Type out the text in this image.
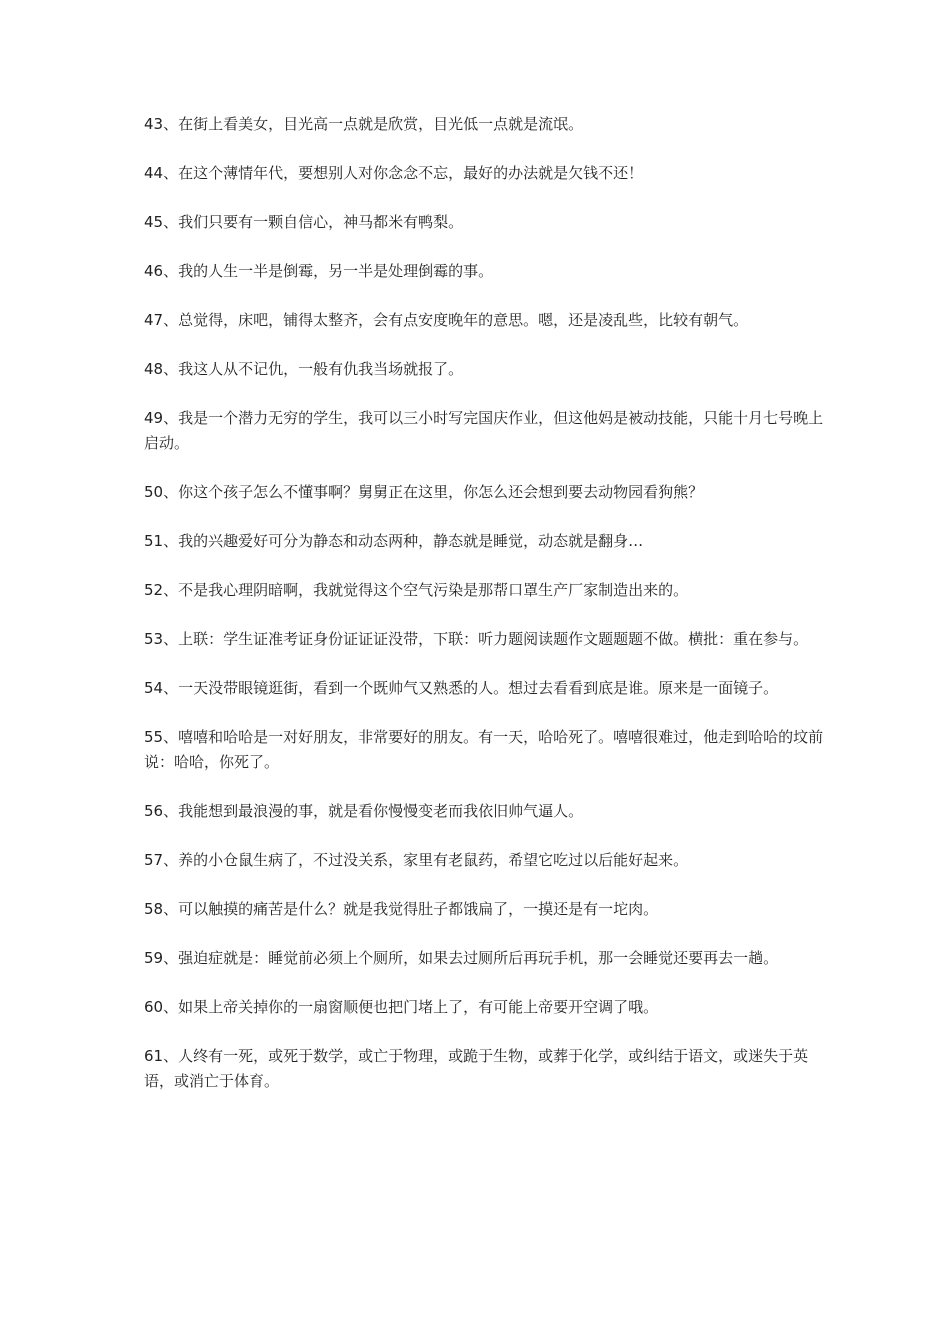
43、在街上看美女，目光高一点就是欣赏，目光低一点就是流氓。

44、在这个薄情年代，要想别人对你念念不忘，最好的办法就是欠钱不还！

45、我们只要有一颗自信心，神马都米有鸭梨。

46、我的人生一半是倒霉，另一半是处理倒霉的事。

47、总觉得，床吧，铺得太整齐，会有点安度晚年的意思。嗯，还是凌乱些，比较有朝气。

48、我这人从不记仇，一般有仇我当场就报了。

49、我是一个潜力无穷的学生，我可以三小时写完国庆作业，但这他妈是被动技能，只能十月七号晚上启动。

50、你这个孩子怎么不懂事啊？舅舅正在这里，你怎么还会想到要去动物园看狗熊？

51、我的兴趣爱好可分为静态和动态两种，静态就是睡觉，动态就是翻身…

52、不是我心理阴暗啊，我就觉得这个空气污染是那帮口罩生产厂家制造出来的。

53、上联：学生证准考证身份证证证没带，下联：听力题阅读题作文题题题不做。横批：重在参与。

54、一天没带眼镜逛街，看到一个既帅气又熟悉的人。想过去看看到底是谁。原来是一面镜子。

55、嘻嘻和哈哈是一对好朋友，非常要好的朋友。有一天，哈哈死了。嘻嘻很难过，他走到哈哈的坟前说：哈哈，你死了。

56、我能想到最浪漫的事，就是看你慢慢变老而我依旧帅气逼人。

57、养的小仓鼠生病了，不过没关系，家里有老鼠药，希望它吃过以后能好起来。

58、可以触摸的痛苦是什么？就是我觉得肚子都饿扁了，一摸还是有一坨肉。

59、强迫症就是：睡觉前必须上个厕所，如果去过厕所后再玩手机，那一会睡觉还要再去一趟。

60、如果上帝关掉你的一扇窗顺便也把门堵上了，有可能上帝要开空调了哦。

61、人终有一死，或死于数学，或亡于物理，或跪于生物，或葬于化学，或纠结于语文，或迷失于英语，或消亡于体育。
